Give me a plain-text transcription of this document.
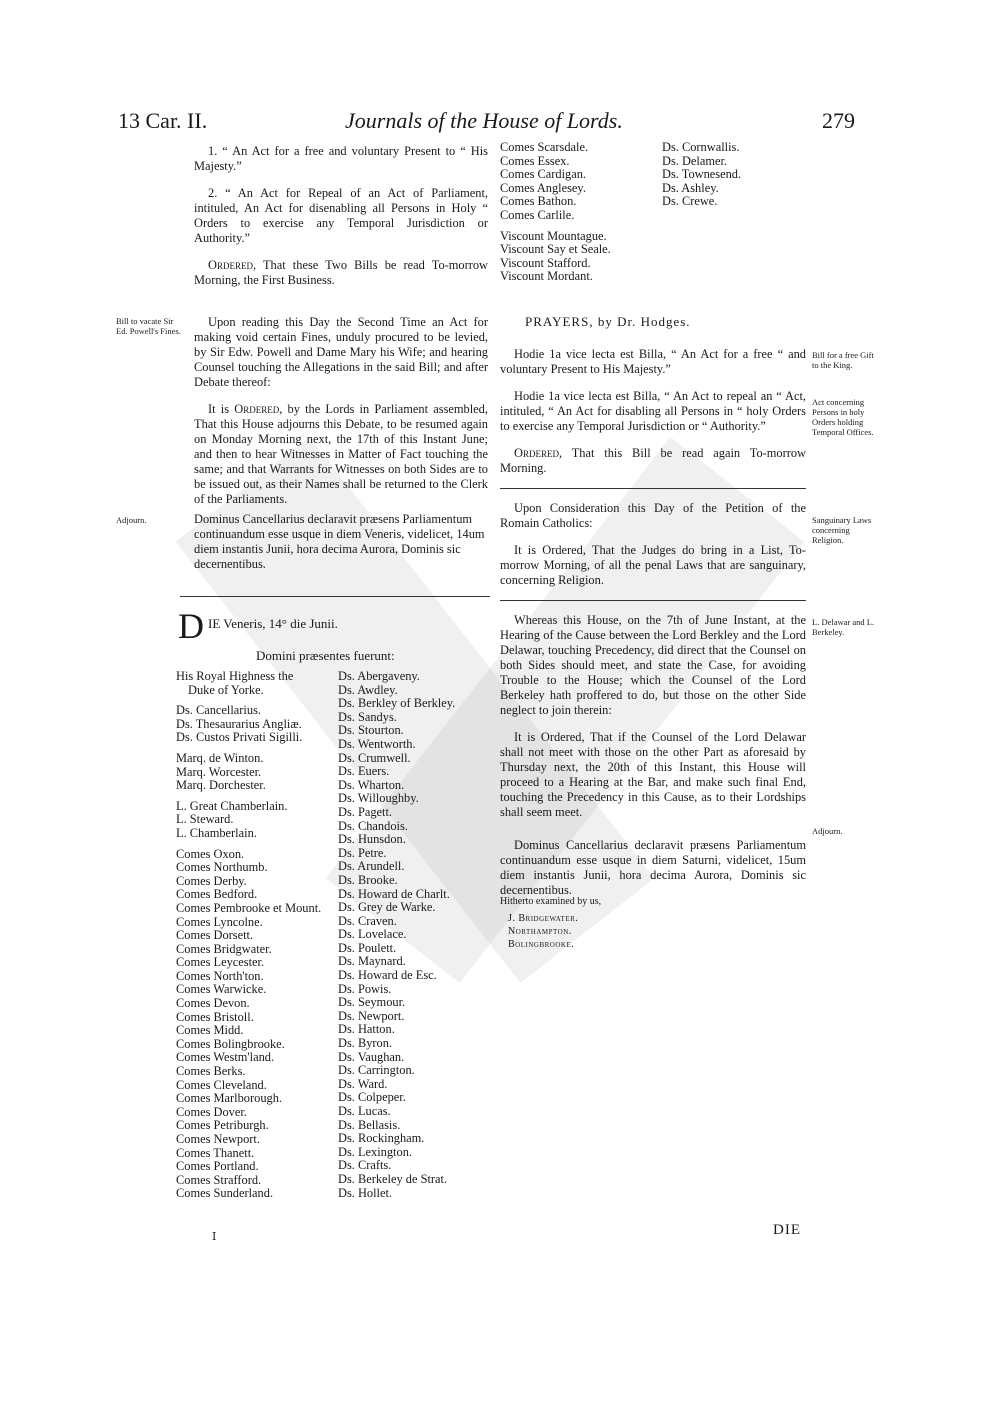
13 Car. II.	Journals of the House of Lords.	279

1. “ An Act for a free and voluntary Present to “ His Majesty.”

2. “ An Act for Repeal of an Act of Parliament, intituled, An Act for disenabling all Persons in Holy “ Orders to exercise any Temporal Jurisdiction or Authority.”

Ordered, That these Two Bills be read To-morrow Morning, the First Business.

Bill to vacate Sir Ed. Powell's Fines.

Upon reading this Day the Second Time an Act for making void certain Fines, unduly procured to be levied, by Sir Edw. Powell and Dame Mary his Wife; and hearing Counsel touching the Allegations in the said Bill; and after Debate thereof:

It is Ordered, by the Lords in Parliament assembled, That this House adjourns this Debate, to be resumed again on Monday Morning next, the 17th of this Instant June; and then to hear Witnesses in Matter of Fact touching the same; and that Warrants for Witnesses on both Sides are to be issued out, as their Names shall be returned to the Clerk of the Parliaments.

Adjourn.	Dominus Cancellarius declaravit præsens Parliamentum continuandum esse usque in diem Veneris, videlicet, 14um diem instantis Junii, hora decima Aurora, Dominis sic decernentibus.
D IE Veneris, 14° die Junii.
Domini præsentes fuerunt:
His Royal Highness the
Duke of Yorke.
Ds. Cancellarius.
Ds. Thesaurarius Angliæ.
Ds. Custos Privati Sigilli.
Marq. de Winton.
Marq. Worcester.
Marq. Dorchester.
L. Great Chamberlain.
L. Steward.
L. Chamberlain.
Comes Oxon.
Comes Northumb.
Comes Derby.
Comes Bedford.
Comes Pembrooke et Mount.
Comes Lyncolne.
Comes Dorsett.
Comes Bridgwater.
Comes Leycester.
Comes North'ton.
Comes Warwicke.
Comes Devon.
Comes Bristoll.
Comes Midd.
Comes Bolingbrooke.
Comes Westm'land.
Comes Berks.
Comes Cleveland.
Comes Marlborough.
Comes Dover.
Comes Petriburgh.
Comes Newport.
Comes Thanett.
Comes Portland.
Comes Strafford.
Comes Sunderland.
Ds. Abergaveny.
Ds. Awdley.
Ds. Berkley of Berkley.
Ds. Sandys.
Ds. Stourton.
Ds. Wentworth.
Ds. Crumwell.
Ds. Euers.
Ds. Wharton.
Ds. Willoughby.
Ds. Pagett.
Ds. Chandois.
Ds. Hunsdon.
Ds. Petre.
Ds. Arundell.
Ds. Brooke.
Ds. Howard de Charlt.
Ds. Grey de Warke.
Ds. Craven.
Ds. Lovelace.
Ds. Poulett.
Ds. Maynard.
Ds. Howard de Esc.
Ds. Powis.
Ds. Seymour.
Ds. Newport.
Ds. Hatton.
Ds. Byron.
Ds. Vaughan.
Ds. Carrington.
Ds. Ward.
Ds. Colpeper.
Ds. Lucas.
Ds. Bellasis.
Ds. Rockingham.
Ds. Lexington.
Ds. Crafts.
Ds. Berkeley de Strat.
Ds. Hollet.
Comes Scarsdale.
Comes Essex.
Comes Cardigan.
Comes Anglesey.
Comes Bathon.
Comes Carlile.
Viscount Mountague.
Viscount Say et Seale.
Viscount Stafford.
Viscount Mordant.
Ds. Cornwallis.
Ds. Delamer.
Ds. Townesend.
Ds. Ashley.
Ds. Crewe.
I
PRAYERS, by Dr. Hodges.

Hodie 1a vice lecta est Billa, “ An Act for a free “ and voluntary Present to His Majesty.”

Hodie 1a vice lecta est Billa, “ An Act to repeal an “ Act, intituled, “ An Act for disabling all Persons in “ holy Orders to exercise any Temporal Jurisdiction or “ Authority.”

Ordered, That this Bill be read again To-morrow Morning.

Upon Consideration this Day of the Petition of the Romain Catholics:

It is Ordered, That the Judges do bring in a List, To-morrow Morning, of all the penal Laws that are sanguinary, concerning Religion.

Whereas this House, on the 7th of June Instant, at the Hearing of the Cause between the Lord Berkley and the Lord Delawar, touching Precedency, did direct that the Counsel on both Sides should meet, and state the Case, for avoiding Trouble to the House; which the Counsel of the Lord Berkeley hath proffered to do, but those on the other Side neglect to join therein:

It is Ordered, That if the Counsel of the Lord Delawar shall not meet with those on the other Part as aforesaid by Thursday next, the 20th of this Instant, this House will proceed to a Hearing at the Bar, and make such final End, touching the Precedency in this Cause, as to their Lordships shall seem meet.

Dominus Cancellarius declaravit præsens Parliamentum continuandum esse usque in diem Saturni, videlicet, 15um diem instantis Junii, hora decima Aurora, Dominis sic decernentibus.

Bill for a free Gift to the King.
Act concerning Persons in holy Orders holding Temporal Offices.
Sanguinary Laws concerning Religion.
L. Delawar and L. Berkeley.
Adjourn.
Hitherto examined by us,
J. Bridgewater.
Northampton.
Bolingbrooke.
DIE
